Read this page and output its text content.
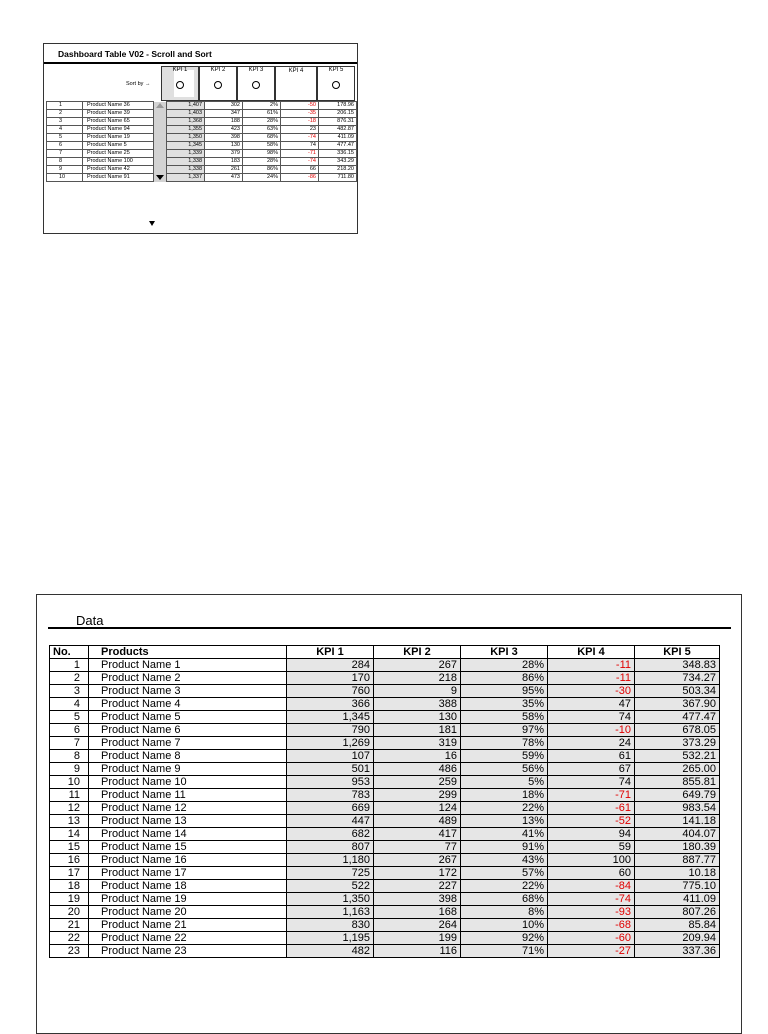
Dashboard Table V02 - Scroll and Sort
Sort by →
KPI 1	KPI 2	KPI 3	KPI 4	KPI 5
1	Product Name 36		1,407	302	2%	-50	178.96
2	Product Name 39		1,403	347	61%	-35	206.15
3	Product Name 65		1,368	188	28%	-18	876.31
4	Product Name 94		1,355	423	63%	23	482.87
5	Product Name 19		1,350	398	68%	-74	411.09
6	Product Name 5		1,345	130	58%	74	477.47
7	Product Name 25		1,339	379	98%	-71	336.15
8	Product Name 100		1,338	183	28%	-74	343.29
9	Product Name 42		1,338	261	86%	66	218.20
10	Product Name 91		1,337	473	24%	-86	711.80
Data
No.	Products	KPI 1	KPI 2	KPI 3	KPI 4	KPI 5
1	Product Name 1	284	267	28%	-11	348.83
2	Product Name 2	170	218	86%	-11	734.27
3	Product Name 3	760	9	95%	-30	503.34
4	Product Name 4	366	388	35%	47	367.90
5	Product Name 5	1,345	130	58%	74	477.47
6	Product Name 6	790	181	97%	-10	678.05
7	Product Name 7	1,269	319	78%	24	373.29
8	Product Name 8	107	16	59%	61	532.21
9	Product Name 9	501	486	56%	67	265.00
10	Product Name 10	953	259	5%	74	855.81
11	Product Name 11	783	299	18%	-71	649.79
12	Product Name 12	669	124	22%	-61	983.54
13	Product Name 13	447	489	13%	-52	141.18
14	Product Name 14	682	417	41%	94	404.07
15	Product Name 15	807	77	91%	59	180.39
16	Product Name 16	1,180	267	43%	100	887.77
17	Product Name 17	725	172	57%	60	10.18
18	Product Name 18	522	227	22%	-84	775.10
19	Product Name 19	1,350	398	68%	-74	411.09
20	Product Name 20	1,163	168	8%	-93	807.26
21	Product Name 21	830	264	10%	-68	85.84
22	Product Name 22	1,195	199	92%	-60	209.94
23	Product Name 23	482	116	71%	-27	337.36
